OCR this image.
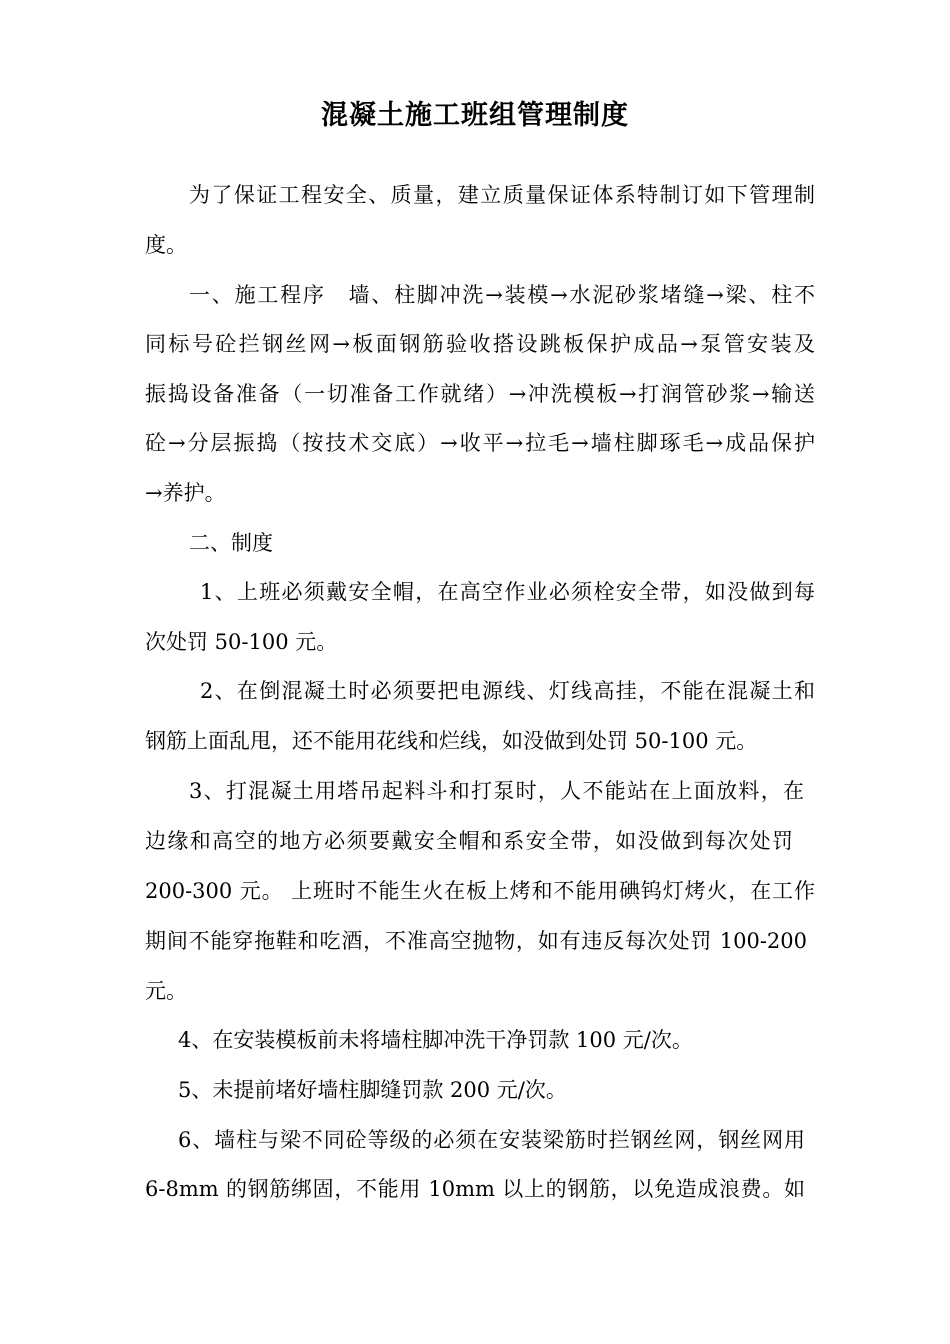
混凝土施工班组管理制度
为了保证工程安全、质量，建立质量保证体系特制订如下管理制
度。
一、施工程序　墙、柱脚冲洗→装模→水泥砂浆堵缝→梁、柱不
同标号砼拦钢丝网→板面钢筋验收搭设跳板保护成品→泵管安装及
振捣设备准备（一切准备工作就绪）→冲洗模板→打润管砂浆→输送
砼→分层振捣（按技术交底）→收平→拉毛→墙柱脚琢毛→成品保护
→养护。
二、制度
1、上班必须戴安全帽，在高空作业必须栓安全带，如没做到每
次处罚 50-100 元。
2、在倒混凝土时必须要把电源线、灯线高挂，不能在混凝土和
钢筋上面乱甩，还不能用花线和烂线，如没做到处罚 50-100 元。
3、打混凝土用塔吊起料斗和打泵时，人不能站在上面放料，在
边缘和高空的地方必须要戴安全帽和系安全带，如没做到每次处罚
200-300 元。 上班时不能生火在板上烤和不能用碘钨灯烤火，在工作
期间不能穿拖鞋和吃酒，不准高空抛物，如有违反每次处罚 100-200
元。
4、在安装模板前未将墙柱脚冲洗干净罚款 100 元/次。
5、未提前堵好墙柱脚缝罚款 200 元/次。
6、墙柱与梁不同砼等级的必须在安装梁筋时拦钢丝网，钢丝网用
6-8mm 的钢筋绑固，不能用 10mm 以上的钢筋，以免造成浪费。如
